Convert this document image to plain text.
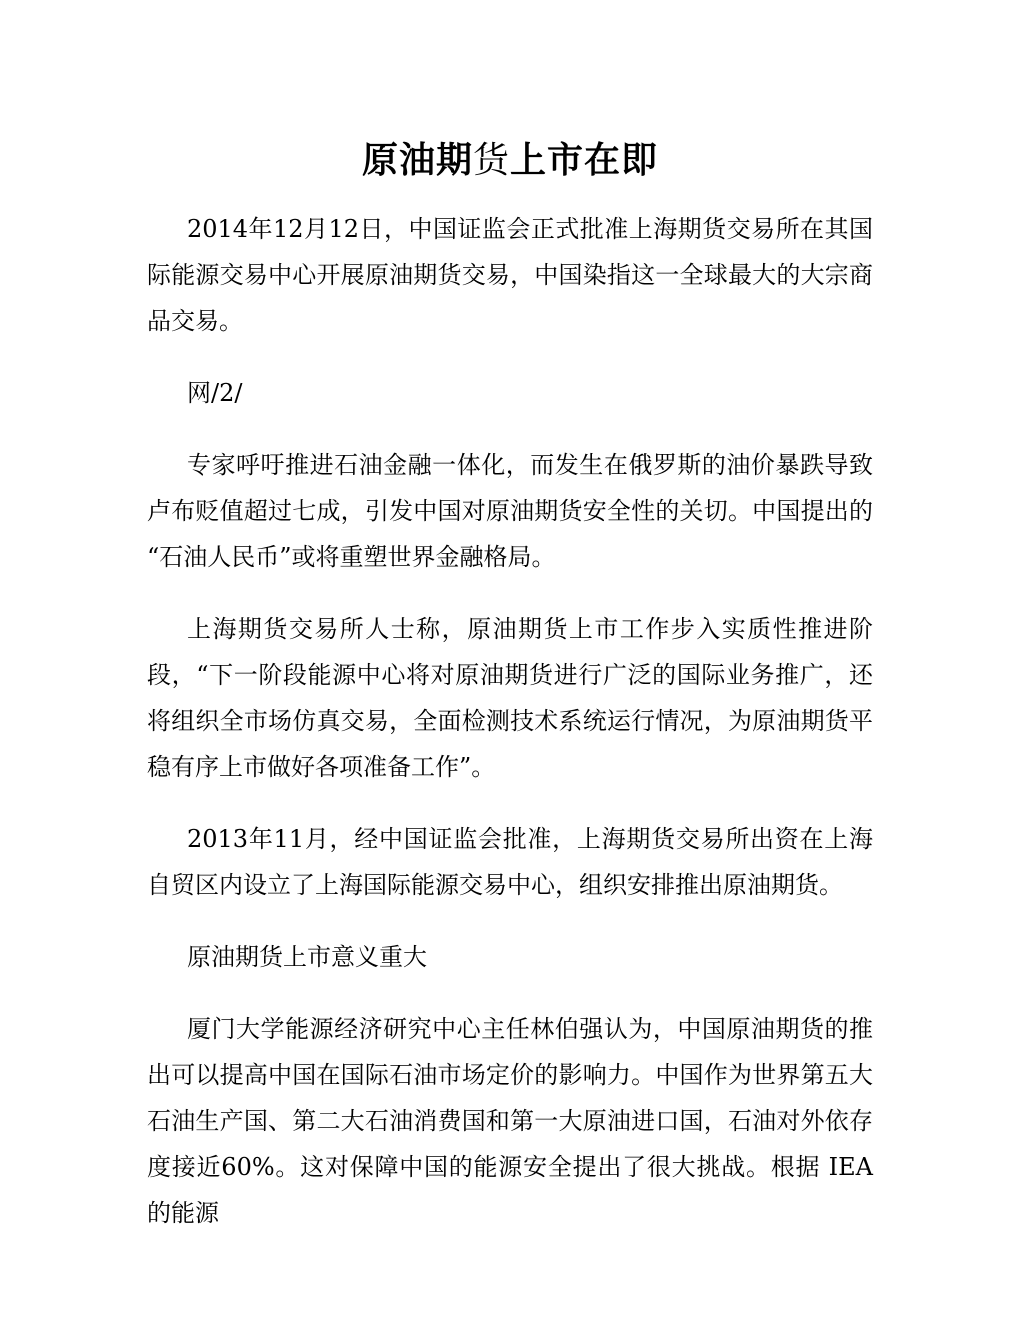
原油期货上市在即

2014年12月12日，中国证监会正式批准上海期货交易所在其国际能源交易中心开展原油期货交易，中国染指这一全球最大的大宗商品交易。

网/2/

专家呼吁推进石油金融一体化，而发生在俄罗斯的油价暴跌导致卢布贬值超过七成，引发中国对原油期货安全性的关切。中国提出的 “石油人民币”或将重塑世界金融格局。

上海期货交易所人士称，原油期货上市工作步入实质性推进阶段，“下一阶段能源中心将对原油期货进行广泛的国际业务推广，还将组织全市场仿真交易，全面检测技术系统运行情况，为原油期货平稳有序上市做好各项准备工作”。

2013年11月，经中国证监会批准，上海期货交易所出资在上海自贸区内设立了上海国际能源交易中心，组织安排推出原油期货。

原油期货上市意义重大

厦门大学能源经济研究中心主任林伯强认为，中国原油期货的推出可以提高中国在国际石油市场定价的影响力。中国作为世界第五大石油生产国、第二大石油消费国和第一大原油进口国，石油对外依存度接近60%。这对保障中国的能源安全提出了很大挑战。根据 IEA的能源
